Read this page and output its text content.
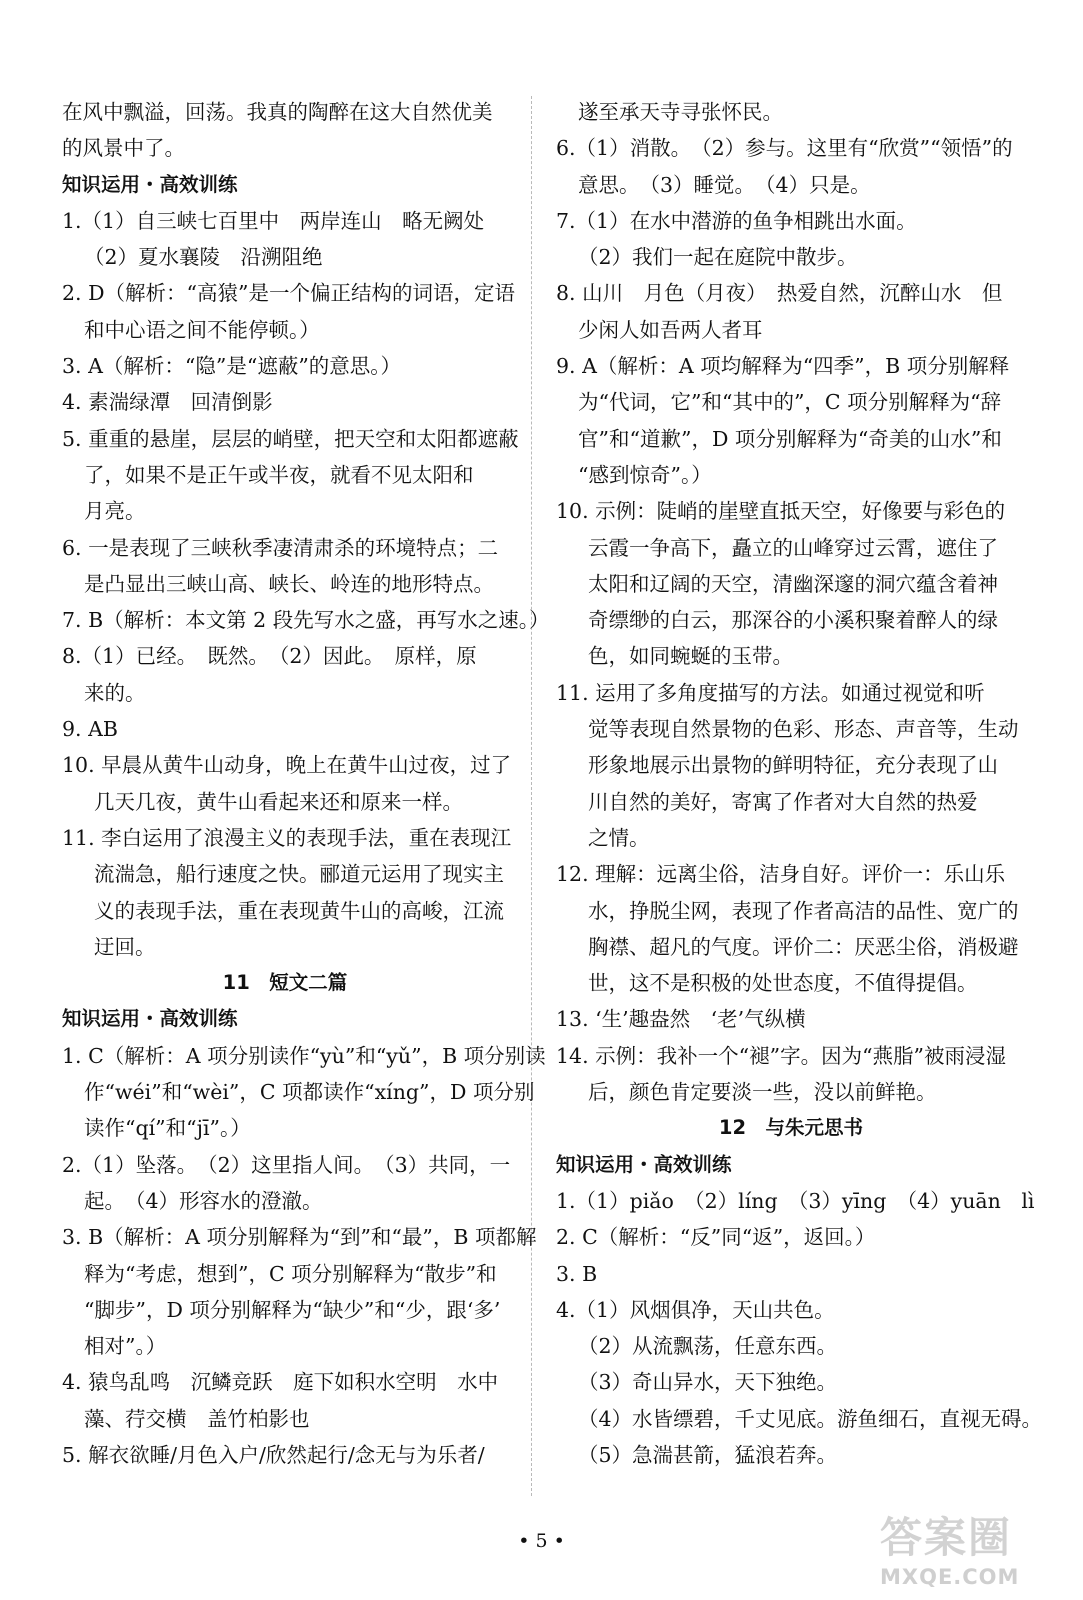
在风中飘溢，回荡。我真的陶醉在这大自然优美
的风景中了。
知识运用・高效训练
1.（1）自三峡七百里中　两岸连山　略无阙处
（2）夏水襄陵　沿溯阻绝
2. D（解析：“高猿”是一个偏正结构的词语，定语
和中心语之间不能停顿。）
3. A（解析：“隐”是“遮蔽”的意思。）
4. 素湍绿潭　回清倒影
5. 重重的悬崖，层层的峭壁，把天空和太阳都遮蔽
了，如果不是正午或半夜，就看不见太阳和
月亮。
6. 一是表现了三峡秋季凄清肃杀的环境特点；二
是凸显出三峡山高、峡长、岭连的地形特点。
7. B（解析：本文第 2 段先写水之盛，再写水之速。）
8.（1）已经。　既然。　（2）因此。　原样，原
来的。
9. AB
10. 早晨从黄牛山动身，晚上在黄牛山过夜，过了
几天几夜，黄牛山看起来还和原来一样。
11. 李白运用了浪漫主义的表现手法，重在表现江
流湍急，船行速度之快。郦道元运用了现实主
义的表现手法，重在表现黄牛山的高峻，江流
迂回。
11　短文二篇
知识运用・高效训练
1. C（解析：A 项分别读作“yù”和“yǔ”，B 项分别读
作“wéi”和“wèi”，C 项都读作“xíng”，D 项分别
读作“qí”和“jī”。）
2.（1）坠落。　（2）这里指人间。　（3）共同，一
起。　（4）形容水的澄澈。
3. B（解析：A 项分别解释为“到”和“最”，B 项都解
释为“考虑，想到”，C 项分别解释为“散步”和
“脚步”，D 项分别解释为“缺少”和“少，跟‘多’
相对”。）
4. 猿鸟乱鸣　沉鳞竞跃　庭下如积水空明　水中
藻、荇交横　盖竹柏影也
5. 解衣欲睡/月色入户/欣然起行/念无与为乐者/
遂至承天寺寻张怀民。
6.（1）消散。　（2）参与。这里有“欣赏”“领悟”的
意思。　（3）睡觉。　（4）只是。
7.（1）在水中潜游的鱼争相跳出水面。
（2）我们一起在庭院中散步。
8. 山川　月色（月夜）　热爱自然，沉醉山水　但
少闲人如吾两人者耳
9. A（解析：A 项均解释为“四季”，B 项分别解释
为“代词，它”和“其中的”，C 项分别解释为“辞
官”和“道歉”，D 项分别解释为“奇美的山水”和
“感到惊奇”。）
10. 示例：陡峭的崖壁直抵天空，好像要与彩色的
云霞一争高下，矗立的山峰穿过云霄，遮住了
太阳和辽阔的天空，清幽深邃的洞穴蕴含着神
奇缥缈的白云，那深谷的小溪积聚着醉人的绿
色，如同蜿蜒的玉带。
11. 运用了多角度描写的方法。如通过视觉和听
觉等表现自然景物的色彩、形态、声音等，生动
形象地展示出景物的鲜明特征，充分表现了山
川自然的美好，寄寓了作者对大自然的热爱
之情。
12. 理解：远离尘俗，洁身自好。评价一：乐山乐
水，挣脱尘网，表现了作者高洁的品性、宽广的
胸襟、超凡的气度。评价二：厌恶尘俗，消极避
世，这不是积极的处世态度，不值得提倡。
13. ‘生’趣盎然　‘老’气纵横
14. 示例：我补一个“褪”字。因为“燕脂”被雨浸湿
后，颜色肯定要淡一些，没以前鲜艳。
12　与朱元思书
知识运用・高效训练
1.（1）piǎo　（2）líng　（3）yīng　（4）yuān　lì
2. C（解析：“反”同“返”，返回。）
3. B
4.（1）风烟俱净，天山共色。
（2）从流飘荡，任意东西。
（3）奇山异水，天下独绝。
（4）水皆缥碧，千丈见底。游鱼细石，直视无碍。
（5）急湍甚箭，猛浪若奔。
• 5 •	答案圈
MXQE.COM
